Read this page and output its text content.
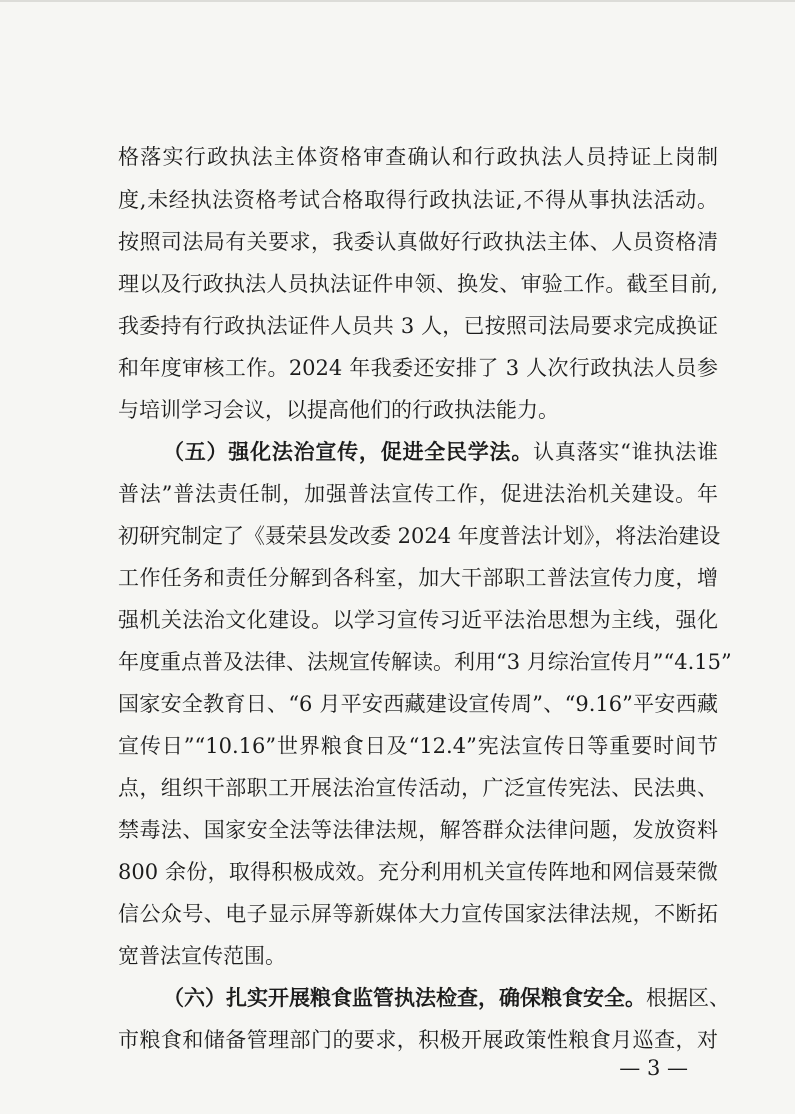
格落实行政执法主体资格审查确认和行政执法人员持证上岗制
度,未经执法资格考试合格取得行政执法证,不得从事执法活动。
按照司法局有关要求，我委认真做好行政执法主体、人员资格清
理以及行政执法人员执法证件申领、换发、审验工作。截至目前,
我委持有行政执法证件人员共 3 人，已按照司法局要求完成换证
和年度审核工作。2024 年我委还安排了 3 人次行政执法人员参
与培训学习会议，以提高他们的行政执法能力。
（五）强化法治宣传，促进全民学法。认真落实“谁执法谁
普法”普法责任制，加强普法宣传工作，促进法治机关建设。年
初研究制定了《聂荣县发改委 2024 年度普法计划》，将法治建设
工作任务和责任分解到各科室，加大干部职工普法宣传力度，增
强机关法治文化建设。以学习宣传习近平法治思想为主线，强化
年度重点普及法律、法规宣传解读。利用“3 月综治宣传月”“4.15”
国家安全教育日、“6 月平安西藏建设宣传周”、“9.16”平安西藏
宣传日”“10.16”世界粮食日及“12.4”宪法宣传日等重要时间节
点，组织干部职工开展法治宣传活动，广泛宣传宪法、民法典、
禁毒法、国家安全法等法律法规，解答群众法律问题，发放资料
800 余份，取得积极成效。充分利用机关宣传阵地和网信聂荣微
信公众号、电子显示屏等新媒体大力宣传国家法律法规，不断拓
宽普法宣传范围。
（六）扎实开展粮食监管执法检查，确保粮食安全。根据区、
市粮食和储备管理部门的要求，积极开展政策性粮食月巡查，对
— 3 —
